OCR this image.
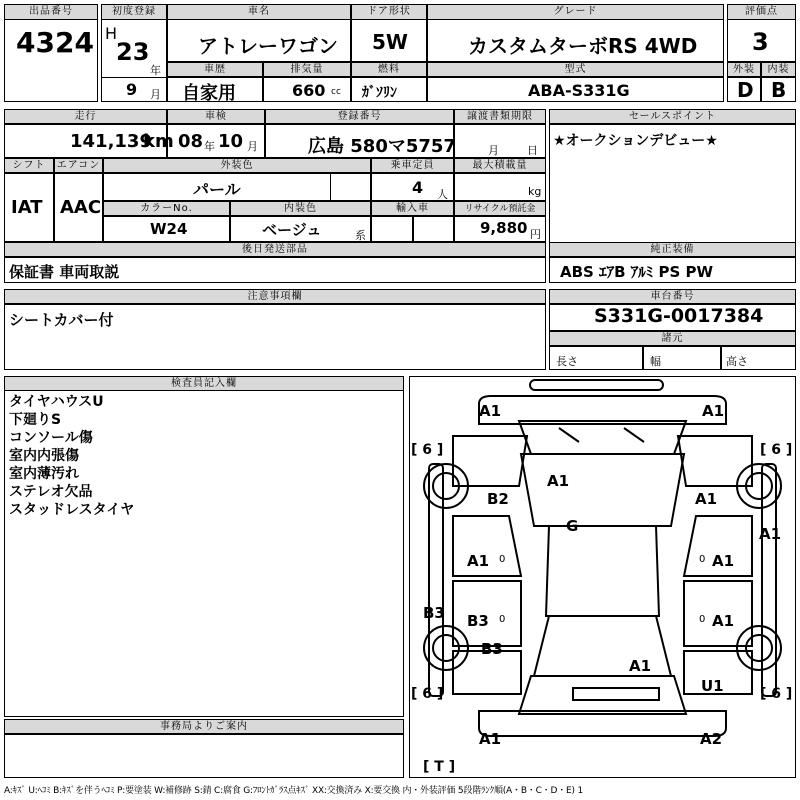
出品番号
4324
初度登録
H
23
年
9 月
車名
アトレーワゴン
ドア形状
5W
グレード
カスタムターボRS 4WD
評価点
3
車歴
自家用
排気量
660 cc
燃料
ｶﾞｿﾘﾝ
型式
ABA-S331G
外装
D
内装
B
走行
141,139
km
車検
08 年 10 月
登録番号
広島 580マ5757
譲渡書類期限
月	日
セールスポイント
★オークションデビュー★
シフト
IAT
エアコン
AAC
外装色
パール
乗車定員
4 人
最大積載量
kg
カラーNo.
W24
内装色
ベージュ	系
輸入車	リサイクル預託金
9,880 円
後日発送部品
保証書 車両取説
純正装備
ABS ｴｱB ｱﾙﾐ PS PW
注意事項欄
シートカバー付
車台番号
S331G-0017384
諸元
長さ	幅	高さ
検査員記入欄
タイヤハウスU
下廻りS
コンソール傷
室内内張傷
室内薄汚れ
ステレオ欠品
スタッドレスタイヤ
事務局よりご案内
[ 6 ]	[ 6 ]
[ 6 ]	[ 6 ]
A1	A1
A1
B2	A1
G	A1
A1	A1
B3 B3	A1
B3
A1
U1
A1	A2
0	0
0	0
[ T ]
A:ｷｽﾞ U:ﾍｺﾐ B:ｷｽﾞを伴うﾍｺﾐ P:要塗装 W:補修跡 S:錆 C:腐食 G:ﾌﾛﾝﾄｶﾞﾗｽ点ｷｽﾞ XX:交換済み X:要交換 内・外装評価 5段階ﾗﾝｸ順(A・B・C・D・E) 1
